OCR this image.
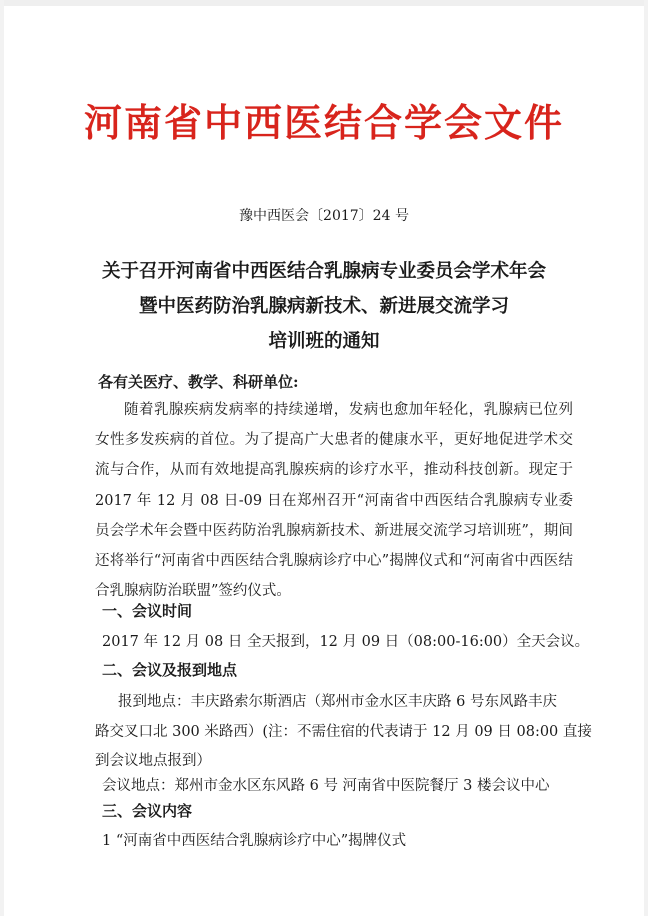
河南省中西医结合学会文件
豫中西医会〔2017〕24 号
关于召开河南省中西医结合乳腺病专业委员会学术年会
暨中医药防治乳腺病新技术、新进展交流学习
培训班的通知
各有关医疗、教学、科研单位:
随着乳腺疾病发病率的持续递增，发病也愈加年轻化，乳腺病已位列女性多发疾病的首位。为了提高广大患者的健康水平，更好地促进学术交流与合作，从而有效地提高乳腺疾病的诊疗水平，推动科技创新。现定于 2017 年 12 月 08 日-09 日在郑州召开“河南省中西医结合乳腺病专业委员会学术年会暨中医药防治乳腺病新技术、新进展交流学习培训班”，期间还将举行“河南省中西医结合乳腺病诊疗中心”揭牌仪式和“河南省中西医结合乳腺病防治联盟”签约仪式。
一、会议时间
2017 年 12 月 08 日 全天报到，12 月 09 日（08:00-16:00）全天会议。
二、会议及报到地点
报到地点：丰庆路索尔斯酒店（郑州市金水区丰庆路 6 号东风路丰庆
路交叉口北 300 米路西）(注：不需住宿的代表请于 12 月 09 日 08:00 直接
到会议地点报到）
会议地点：郑州市金水区东风路 6 号 河南省中医院餐厅 3 楼会议中心
三、会议内容
1 “河南省中西医结合乳腺病诊疗中心”揭牌仪式
